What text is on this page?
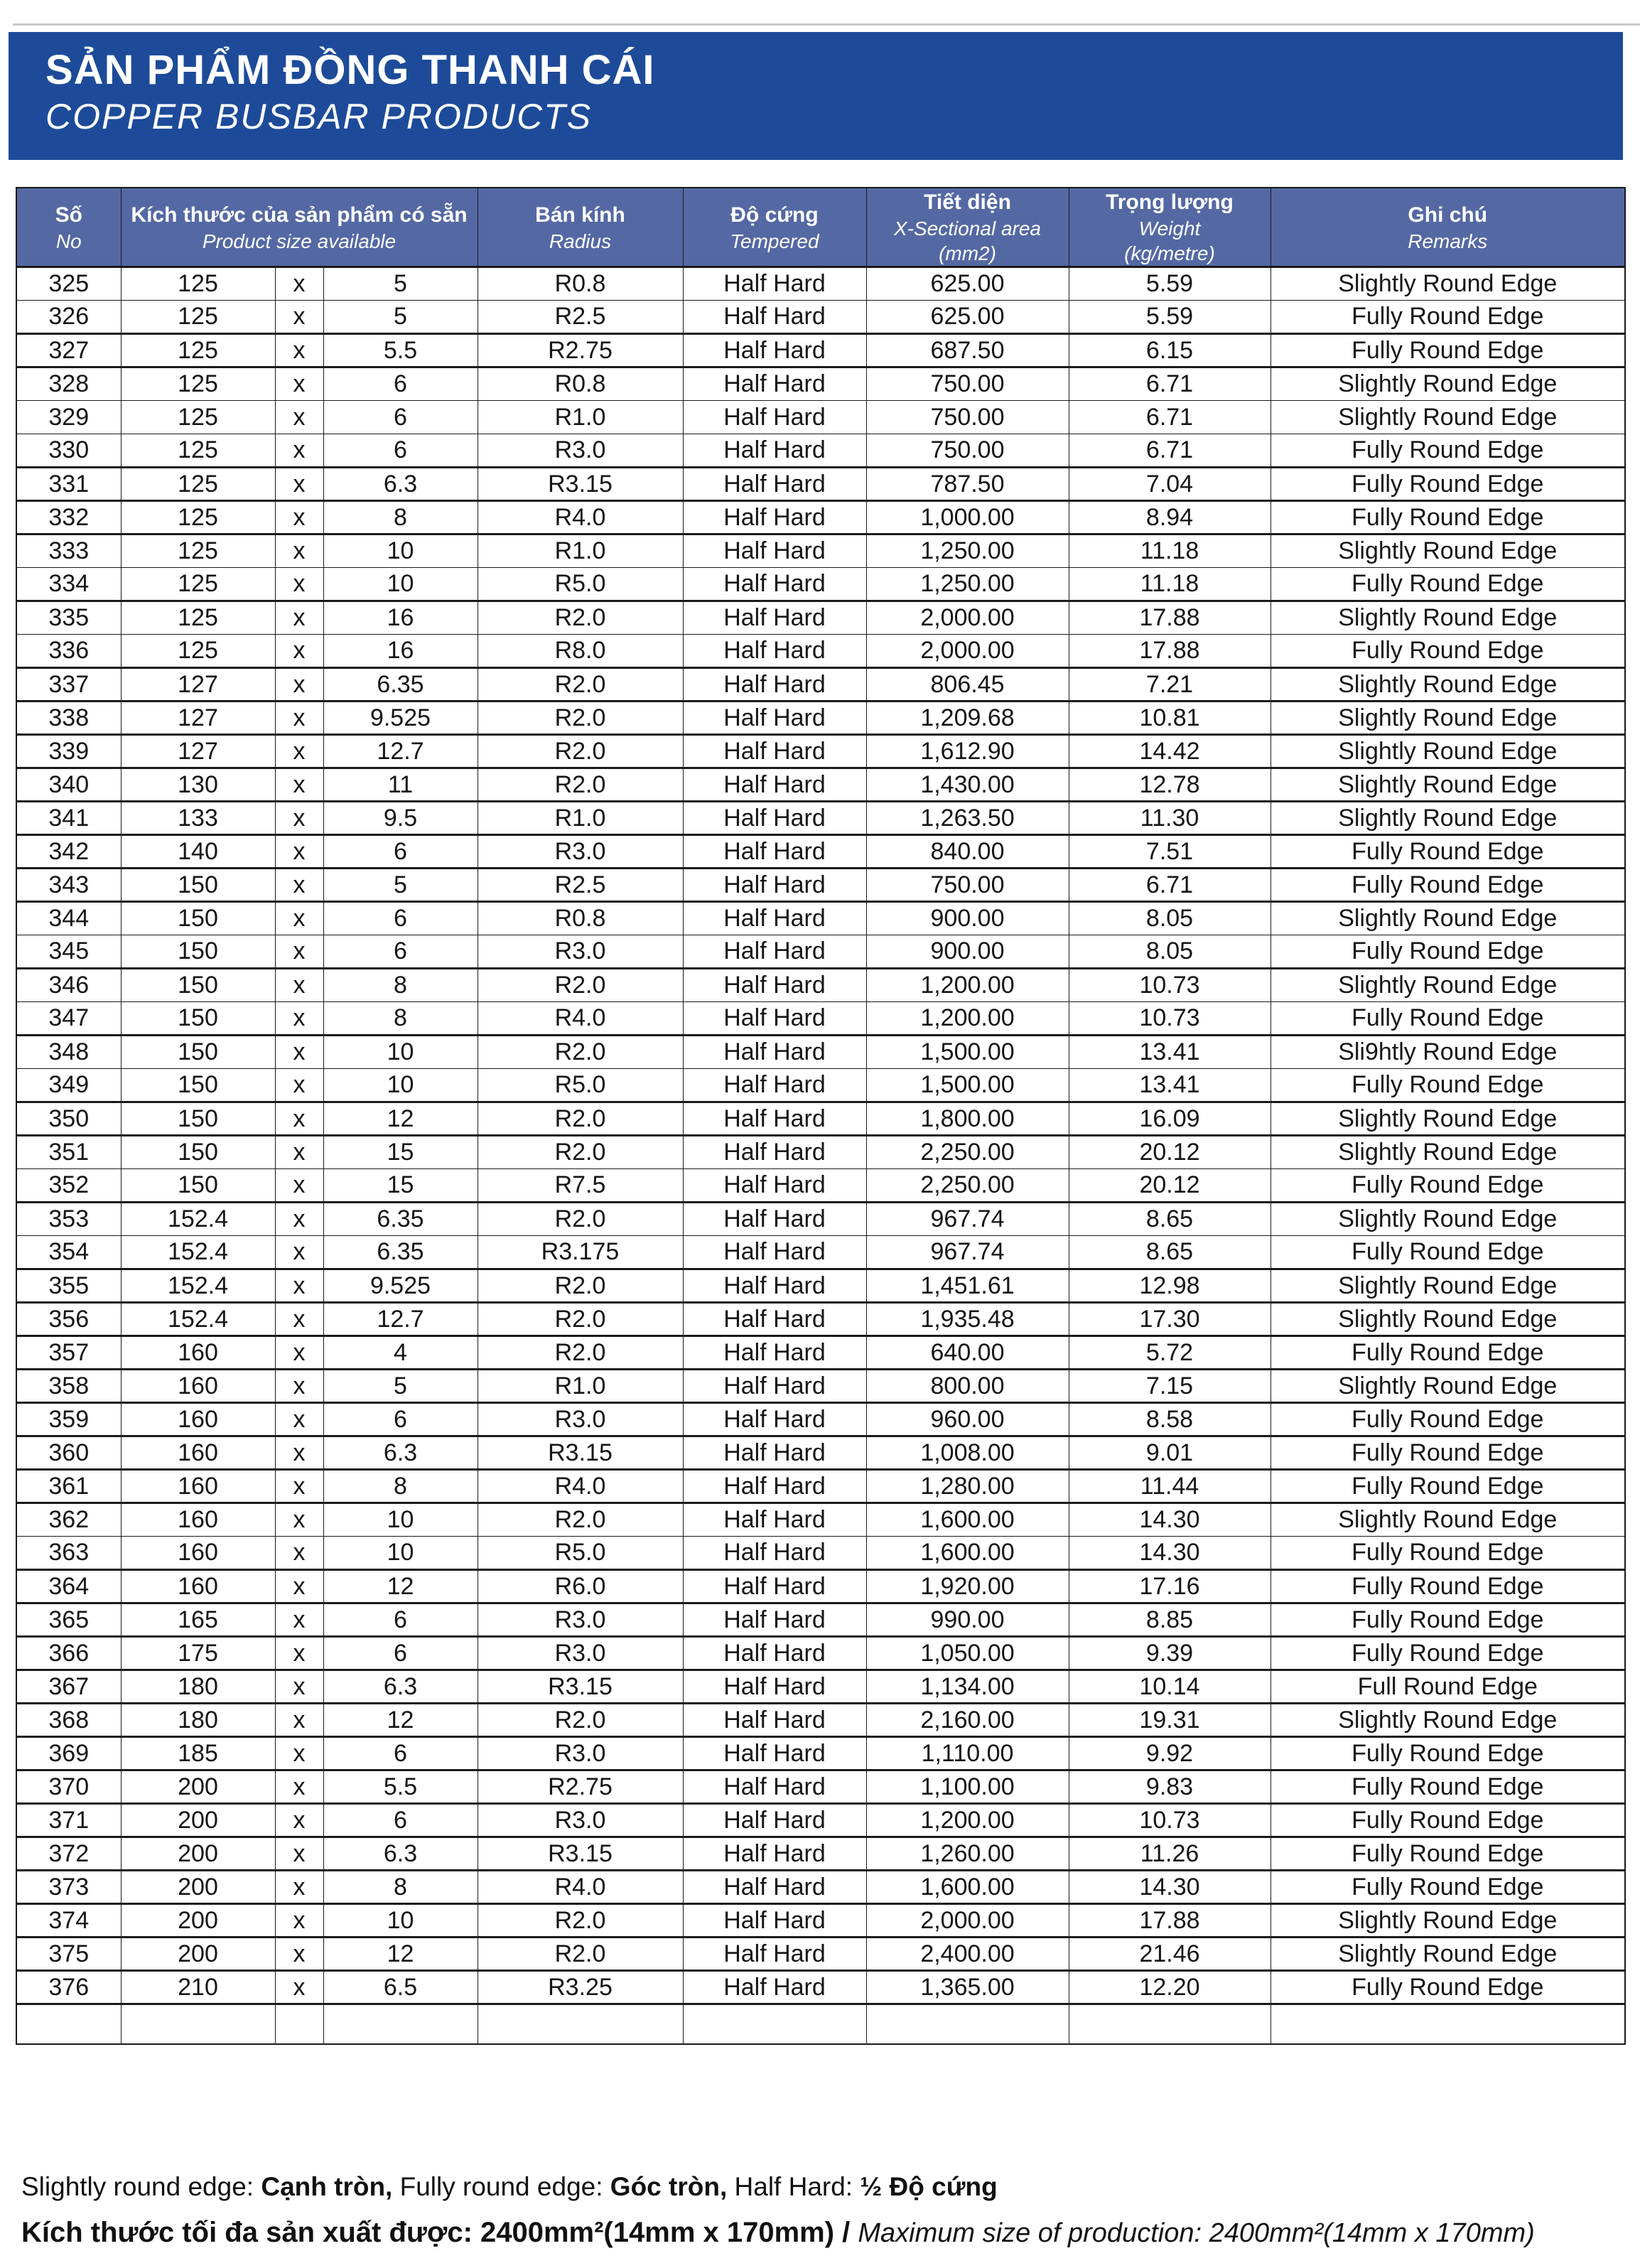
SẢN PHẨM ĐỒNG THANH CÁI
COPPER BUSBAR PRODUCTS
Số
No

Kích thước của sản phẩm có sẵn
Product size available

Bán kính
Radius

Độ cứng
Tempered

Tiết diện
X-Sectional area
(mm2)

Trọng lượng
Weight
(kg/metre)

Ghi chú
Remarks

325	125	x	5	R0.8	Half Hard	625.00	5.59	Slightly Round Edge
326	125	x	5	R2.5	Half Hard	625.00	5.59	Fully Round Edge
327	125	x	5.5	R2.75	Half Hard	687.50	6.15	Fully Round Edge
328	125	x	6	R0.8	Half Hard	750.00	6.71	Slightly Round Edge
329	125	x	6	R1.0	Half Hard	750.00	6.71	Slightly Round Edge
330	125	x	6	R3.0	Half Hard	750.00	6.71	Fully Round Edge
331	125	x	6.3	R3.15	Half Hard	787.50	7.04	Fully Round Edge
332	125	x	8	R4.0	Half Hard	1,000.00	8.94	Fully Round Edge
333	125	x	10	R1.0	Half Hard	1,250.00	11.18	Slightly Round Edge
334	125	x	10	R5.0	Half Hard	1,250.00	11.18	Fully Round Edge
335	125	x	16	R2.0	Half Hard	2,000.00	17.88	Slightly Round Edge
336	125	x	16	R8.0	Half Hard	2,000.00	17.88	Fully Round Edge
337	127	x	6.35	R2.0	Half Hard	806.45	7.21	Slightly Round Edge
338	127	x	9.525	R2.0	Half Hard	1,209.68	10.81	Slightly Round Edge
339	127	x	12.7	R2.0	Half Hard	1,612.90	14.42	Slightly Round Edge
340	130	x	11	R2.0	Half Hard	1,430.00	12.78	Slightly Round Edge
341	133	x	9.5	R1.0	Half Hard	1,263.50	11.30	Slightly Round Edge
342	140	x	6	R3.0	Half Hard	840.00	7.51	Fully Round Edge
343	150	x	5	R2.5	Half Hard	750.00	6.71	Fully Round Edge
344	150	x	6	R0.8	Half Hard	900.00	8.05	Slightly Round Edge
345	150	x	6	R3.0	Half Hard	900.00	8.05	Fully Round Edge
346	150	x	8	R2.0	Half Hard	1,200.00	10.73	Slightly Round Edge
347	150	x	8	R4.0	Half Hard	1,200.00	10.73	Fully Round Edge
348	150	x	10	R2.0	Half Hard	1,500.00	13.41	Sli9htly Round Edge
349	150	x	10	R5.0	Half Hard	1,500.00	13.41	Fully Round Edge
350	150	x	12	R2.0	Half Hard	1,800.00	16.09	Slightly Round Edge
351	150	x	15	R2.0	Half Hard	2,250.00	20.12	Slightly Round Edge
352	150	x	15	R7.5	Half Hard	2,250.00	20.12	Fully Round Edge
353	152.4	x	6.35	R2.0	Half Hard	967.74	8.65	Slightly Round Edge
354	152.4	x	6.35	R3.175	Half Hard	967.74	8.65	Fully Round Edge
355	152.4	x	9.525	R2.0	Half Hard	1,451.61	12.98	Slightly Round Edge
356	152.4	x	12.7	R2.0	Half Hard	1,935.48	17.30	Slightly Round Edge
357	160	x	4	R2.0	Half Hard	640.00	5.72	Fully Round Edge
358	160	x	5	R1.0	Half Hard	800.00	7.15	Slightly Round Edge
359	160	x	6	R3.0	Half Hard	960.00	8.58	Fully Round Edge
360	160	x	6.3	R3.15	Half Hard	1,008.00	9.01	Fully Round Edge
361	160	x	8	R4.0	Half Hard	1,280.00	11.44	Fully Round Edge
362	160	x	10	R2.0	Half Hard	1,600.00	14.30	Slightly Round Edge
363	160	x	10	R5.0	Half Hard	1,600.00	14.30	Fully Round Edge
364	160	x	12	R6.0	Half Hard	1,920.00	17.16	Fully Round Edge
365	165	x	6	R3.0	Half Hard	990.00	8.85	Fully Round Edge
366	175	x	6	R3.0	Half Hard	1,050.00	9.39	Fully Round Edge
367	180	x	6.3	R3.15	Half Hard	1,134.00	10.14	Full Round Edge
368	180	x	12	R2.0	Half Hard	2,160.00	19.31	Slightly Round Edge
369	185	x	6	R3.0	Half Hard	1,110.00	9.92	Fully Round Edge
370	200	x	5.5	R2.75	Half Hard	1,100.00	9.83	Fully Round Edge
371	200	x	6	R3.0	Half Hard	1,200.00	10.73	Fully Round Edge
372	200	x	6.3	R3.15	Half Hard	1,260.00	11.26	Fully Round Edge
373	200	x	8	R4.0	Half Hard	1,600.00	14.30	Fully Round Edge
374	200	x	10	R2.0	Half Hard	2,000.00	17.88	Slightly Round Edge
375	200	x	12	R2.0	Half Hard	2,400.00	21.46	Slightly Round Edge
376	210	x	6.5	R3.25	Half Hard	1,365.00	12.20	Fully Round Edge

Slightly round edge: Cạnh tròn, Fully round edge: Góc tròn, Half Hard: ½ Độ cứng

Kích thước tối đa sản xuất được: 2400mm²(14mm x 170mm) / Maximum size of production: 2400mm²(14mm x 170mm)
